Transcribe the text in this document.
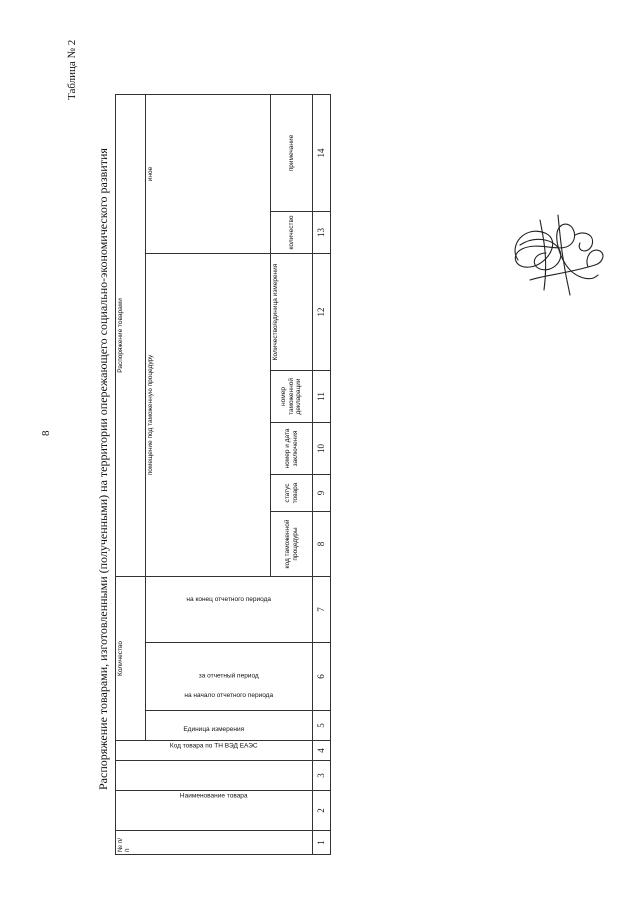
8
Таблица № 2
Распоряжение товарами, изготовленными (полученными) на территории опережающего социально-экономического развития
№ п/ п	Наименование товара	Код товара по ТН ВЭД ЕАЭС	Единица измерения	Количество			Распоряжение товарами						
				на начало отчетного периода	за отчетный период	на конец отчетного периода	помещение под таможенную процедуру					иное	
							код таможенной процедуры	статус товара	номер и дата заключения	номер таможенной декларации	Количество/единица измерения	количество	примечание
1	2	3	4	5	6	7	8	9	10	11	12	13	14
